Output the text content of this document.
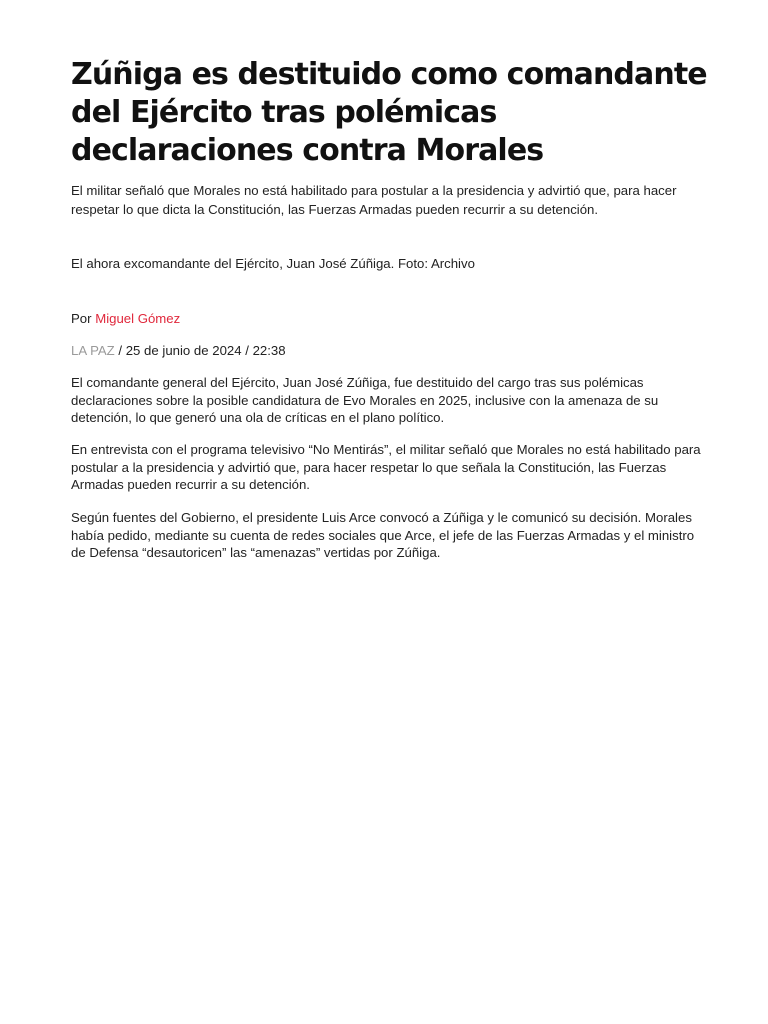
Zúñiga es destituido como comandante del Ejército tras polémicas declaraciones contra Morales

El militar señaló que Morales no está habilitado para postular a la presidencia y advirtió que, para hacer respetar lo que dicta la Constitución, las Fuerzas Armadas pueden recurrir a su detención.

El ahora excomandante del Ejército, Juan José Zúñiga. Foto: Archivo

Por Miguel Gómez

LA PAZ / 25 de junio de 2024 / 22:38

El comandante general del Ejército, Juan José Zúñiga, fue destituido del cargo tras sus polémicas declaraciones sobre la posible candidatura de Evo Morales en 2025, inclusive con la amenaza de su detención, lo que generó una ola de críticas en el plano político.

En entrevista con el programa televisivo “No Mentirás”, el militar señaló que Morales no está habilitado para postular a la presidencia y advirtió que, para hacer respetar lo que señala la Constitución, las Fuerzas Armadas pueden recurrir a su detención.

Según fuentes del Gobierno, el presidente Luis Arce convocó a Zúñiga y le comunicó su decisión. Morales había pedido, mediante su cuenta de redes sociales que Arce, el jefe de las Fuerzas Armadas y el ministro de Defensa “desautoricen” las “amenazas” vertidas por Zúñiga.
